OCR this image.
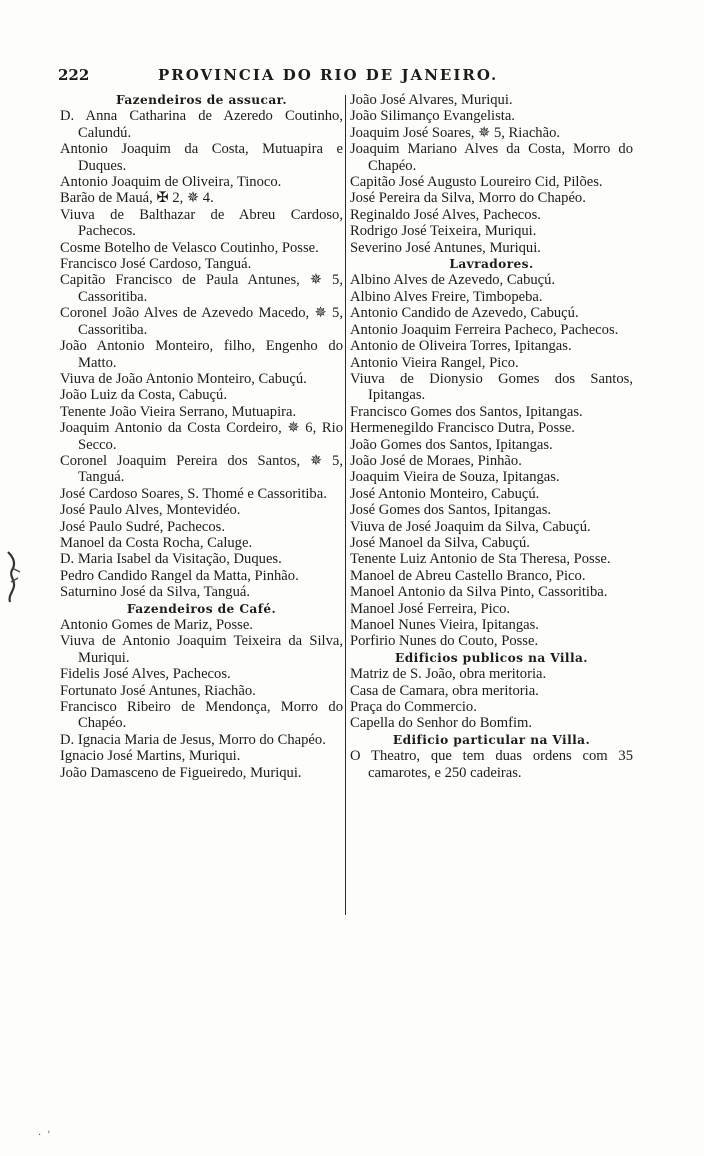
222	PROVINCIA DO RIO DE JANEIRO.
Fazendeiros de assucar.
D. Anna Catharina de Azeredo Coutinho, Calundú.
Antonio Joaquim da Costa, Mutuapira e Duques.
Antonio Joaquim de Oliveira, Tinoco.
Barão de Mauá, ✠ 2, ✵ 4.
Viuva de Balthazar de Abreu Cardoso, Pachecos.
Cosme Botelho de Velasco Coutinho, Posse.
Francisco José Cardoso, Tanguá.
Capitão Francisco de Paula Antunes, ✵ 5, Cassoritiba.
Coronel João Alves de Azevedo Macedo, ✵ 5, Cassoritiba.
João Antonio Monteiro, filho, Engenho do Matto.
Viuva de João Antonio Monteiro, Cabuçú.
João Luiz da Costa, Cabuçú.
Tenente João Vieira Serrano, Mutuapira.
Joaquim Antonio da Costa Cordeiro, ✵ 6, Rio Secco.
Coronel Joaquim Pereira dos Santos, ✵ 5, Tanguá.
José Cardoso Soares, S. Thomé e Cassoritiba.
José Paulo Alves, Montevidéo.
José Paulo Sudré, Pachecos.
Manoel da Costa Rocha, Caluge.
D. Maria Isabel da Visitação, Duques.
Pedro Candido Rangel da Matta, Pinhão.
Saturnino José da Silva, Tanguá.
Fazendeiros de Café.
Antonio Gomes de Mariz, Posse.
Viuva de Antonio Joaquim Teixeira da Silva, Muriqui.
Fidelis José Alves, Pachecos.
Fortunato José Antunes, Riachão.
Francisco Ribeiro de Mendonça, Morro do Chapéo.
D. Ignacia Maria de Jesus, Morro do Chapéo.
Ignacio José Martins, Muriqui.
João Damasceno de Figueiredo, Muriqui.
João José Alvares, Muriqui.
João Silimanço Evangelista.
Joaquim José Soares, ✵ 5, Riachão.
Joaquim Mariano Alves da Costa, Morro do Chapéo.
Capitão José Augusto Loureiro Cid, Pilões.
José Pereira da Silva, Morro do Chapéo.
Reginaldo José Alves, Pachecos.
Rodrigo José Teixeira, Muriqui.
Severino José Antunes, Muriqui.
Lavradores.
Albino Alves de Azevedo, Cabuçú.
Albino Alves Freire, Timbopeba.
Antonio Candido de Azevedo, Cabuçú.
Antonio Joaquim Ferreira Pacheco, Pachecos.
Antonio de Oliveira Torres, Ipitangas.
Antonio Vieira Rangel, Pico.
Viuva de Dionysio Gomes dos Santos, Ipitangas.
Francisco Gomes dos Santos, Ipitangas.
Hermenegildo Francisco Dutra, Posse.
João Gomes dos Santos, Ipitangas.
João José de Moraes, Pinhão.
Joaquim Vieira de Souza, Ipitangas.
José Antonio Monteiro, Cabuçú.
José Gomes dos Santos, Ipitangas.
Viuva de José Joaquim da Silva, Cabuçú.
José Manoel da Silva, Cabuçú.
Tenente Luiz Antonio de Sta Theresa, Posse.
Manoel de Abreu Castello Branco, Pico.
Manoel Antonio da Silva Pinto, Cassoritiba.
Manoel José Ferreira, Pico.
Manoel Nunes Vieira, Ipitangas.
Porfirio Nunes do Couto, Posse.
Edificios publicos na Villa.
Matriz de S. João, obra meritoria.
Casa de Camara, obra meritoria.
Praça do Commercio.
Capella do Senhor do Bomfim.
Edificio particular na Villa.
O Theatro, que tem duas ordens com 35 camarotes, e 250 cadeiras.
·  '
